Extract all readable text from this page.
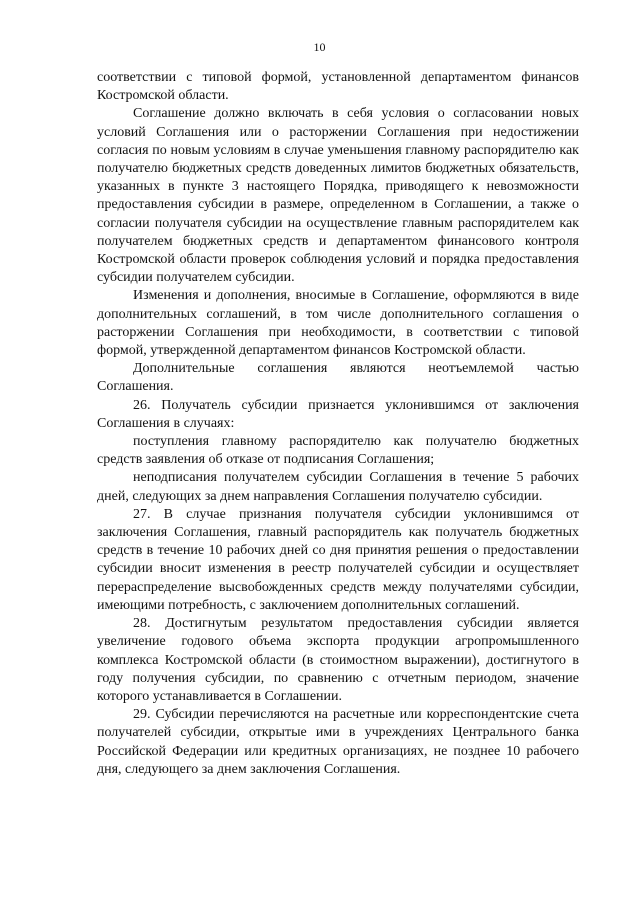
10

соответствии с типовой формой, установленной департаментом финансов Костромской области.

Соглашение должно включать в себя условия о согласовании новых условий Соглашения или о расторжении Соглашения при недостижении согласия по новым условиям в случае уменьшения главному распорядителю как получателю бюджетных средств доведенных лимитов бюджетных обязательств, указанных в пункте 3 настоящего Порядка, приводящего к невозможности предоставления субсидии в размере, определенном в Соглашении, а также о согласии получателя субсидии на осуществление главным распорядителем как получателем бюджетных средств и департаментом финансового контроля Костромской области проверок соблюдения условий и порядка предоставления субсидии получателем субсидии.

Изменения и дополнения, вносимые в Соглашение, оформляются в виде дополнительных соглашений, в том числе дополнительного соглашения о расторжении Соглашения при необходимости, в соответствии с типовой формой, утвержденной департаментом финансов Костромской области.

Дополнительные соглашения являются неотъемлемой частью Соглашения.

26. Получатель субсидии признается уклонившимся от заключения Соглашения в случаях:

поступления главному распорядителю как получателю бюджетных средств заявления об отказе от подписания Соглашения;

неподписания получателем субсидии Соглашения в течение 5 рабочих дней, следующих за днем направления Соглашения получателю субсидии.

27. В случае признания получателя субсидии уклонившимся от заключения Соглашения, главный распорядитель как получатель бюджетных средств в течение 10 рабочих дней со дня принятия решения о предоставлении субсидии вносит изменения в реестр получателей субсидии и осуществляет перераспределение высвобожденных средств между получателями субсидии, имеющими потребность, с заключением дополнительных соглашений.

28. Достигнутым результатом предоставления субсидии является увеличение годового объема экспорта продукции агропромышленного комплекса Костромской области (в стоимостном выражении), достигнутого в году получения субсидии, по сравнению с отчетным периодом, значение которого устанавливается в Соглашении.

29. Субсидии перечисляются на расчетные или корреспондентские счета получателей субсидии, открытые ими в учреждениях Центрального банка Российской Федерации или кредитных организациях, не позднее 10 рабочего дня, следующего за днем заключения Соглашения.
